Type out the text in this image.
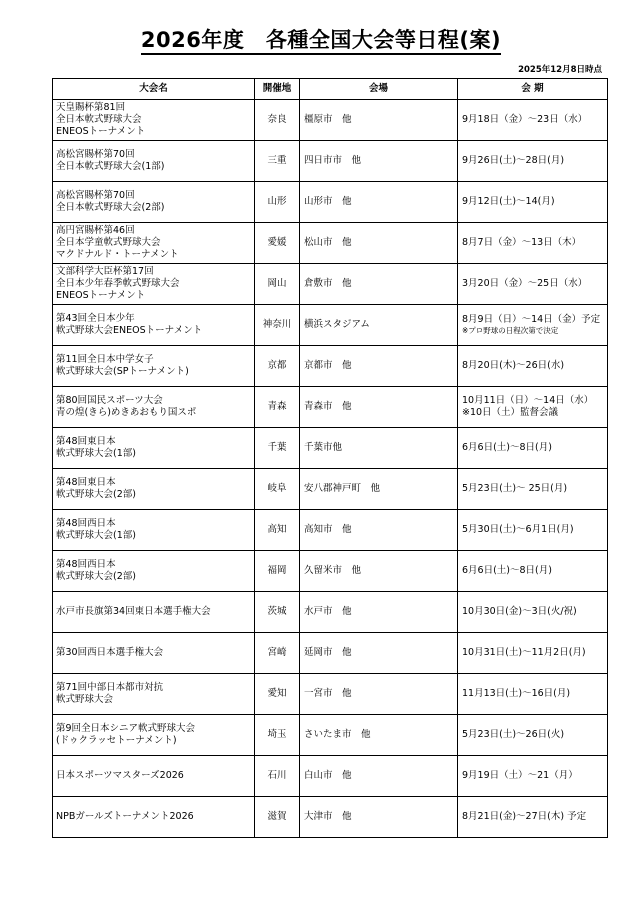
2026年度　各種全国大会等日程(案)
2025年12月8日時点
大会名	開催地	会場	会 期

天皇賜杯第81回
全日本軟式野球大会
ENEOSトーナメント	奈良	橿原市　他	9月18日（金）～23日（水）

高松宮賜杯第70回
全日本軟式野球大会(1部)	三重	四日市市　他	9月26日(土)～28日(月)

高松宮賜杯第70回
全日本軟式野球大会(2部)	山形	山形市　他	9月12日(土)～14(月)

高円宮賜杯第46回
全日本学童軟式野球大会
マクドナルド・トーナメント	愛媛	松山市　他	8月7日（金）～13日（木）

文部科学大臣杯第17回
全日本少年春季軟式野球大会
ENEOSトーナメント	岡山	倉敷市　他	3月20日（金）～25日（水）

第43回全日本少年
軟式野球大会ENEOSトーナメント	神奈川	横浜スタジアム	8月9日（日）～14日（金）予定
※プロ野球の日程次第で決定

第11回全日本中学女子
軟式野球大会(SPトーナメント)	京都	京都市　他	8月20日(木)～26日(水)

第80回国民スポーツ大会
青の煌(きら)めきあおもり国スポ	青森	青森市　他	10月11日（日）～14日（水）
※10日（土）監督会議

第48回東日本
軟式野球大会(1部)	千葉	千葉市他	6月6日(土)～8日(月)

第48回東日本
軟式野球大会(2部)	岐阜	安八郡神戸町　他	5月23日(土)～ 25日(月)

第48回西日本
軟式野球大会(1部)	高知	高知市　他	5月30日(土)～6月1日(月)

第48回西日本
軟式野球大会(2部)	福岡	久留米市　他	6月6日(土)～8日(月)

水戸市長旗第34回東日本選手権大会	茨城	水戸市　他	10月30日(金)～3日(火/祝)

第30回西日本選手権大会	宮崎	延岡市　他	10月31日(土)～11月2日(月)

第71回中部日本都市対抗
軟式野球大会	愛知	一宮市　他	11月13日(土)～16日(月)

第9回全日本シニア軟式野球大会
(ドゥクラッセトーナメント)	埼玉	さいたま市　他	5月23日(土)～26日(火)

日本スポーツマスターズ2026	石川	白山市　他	9月19日（土）～21（月）

NPBガールズトーナメント2026	滋賀	大津市　他	8月21日(金)～27日(木) 予定
